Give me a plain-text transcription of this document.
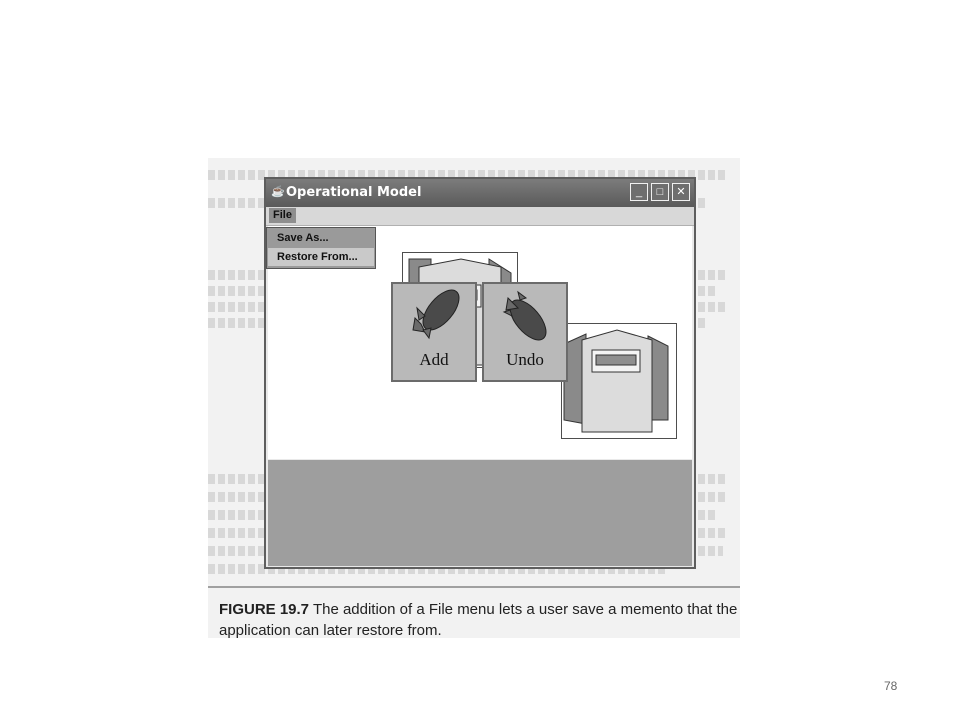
☕ Operational Model	_	□	✕
File
Save As...
Restore From...
Add	Undo
FIGURE 19.7 The addition of a File menu lets a user save a memento that the application can later restore from.
78
